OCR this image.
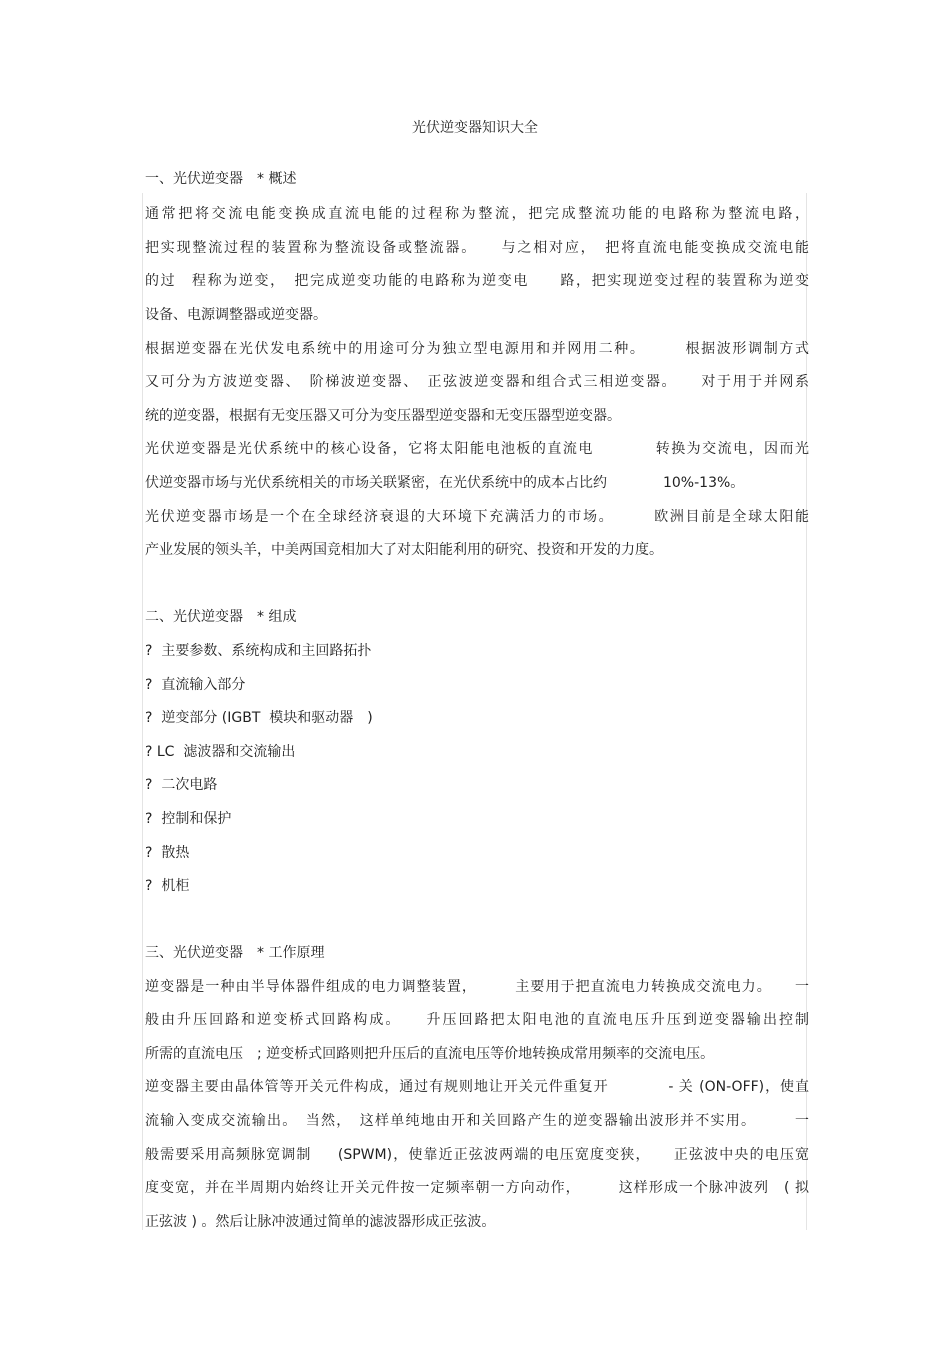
光伏逆变器知识大全
一、光伏逆变器　* 概述
通常把将交流电能变换成直流电能的过程称为整流，把完成整流功能的电路称为整流电路，
把实现整流过程的装置称为整流设备或整流器。　　与之相对应，　把将直流电能变换成交流电能
的过　程称为逆变，　把完成逆变功能的电路称为逆变电　　路，把实现逆变过程的装置称为逆变
设备、电源调整器或逆变器。
根据逆变器在光伏发电系统中的用途可分为独立型电源用和并网用二种。　　　根据波形调制方式
又可分为方波逆变器、　阶梯波逆变器、　正弦波逆变器和组合式三相逆变器。　　对于用于并网系
统的逆变器，根据有无变压器又可分为变压器型逆变器和无变压器型逆变器。
光伏逆变器是光伏系统中的核心设备，它将太阳能电池板的直流电　　　　转换为交流电，因而光
伏逆变器市场与光伏系统相关的市场关联紧密，在光伏系统中的成本占比约　　　　10%-13%。
光伏逆变器市场是一个在全球经济衰退的大环境下充满活力的市场。　　　欧洲目前是全球太阳能
产业发展的领头羊，中美两国竞相加大了对太阳能利用的研究、投资和开发的力度。
二、光伏逆变器　* 组成
?  主要参数、系统构成和主回路拓扑
?  直流输入部分
?  逆变部分 (IGBT  模块和驱动器　)
? LC  滤波器和交流输出
?  二次电路
?  控制和保护
?  散热
?  机柜
三、光伏逆变器　* 工作原理
逆变器是一种由半导体器件组成的电力调整装置，　　　主要用于把直流电力转换成交流电力。　　一
般由升压回路和逆变桥式回路构成。　　升压回路把太阳电池的直流电压升压到逆变器输出控制
所需的直流电压　; 逆变桥式回路则把升压后的直流电压等价地转换成常用频率的交流电压。
逆变器主要由晶体管等开关元件构成，通过有规则地让开关元件重复开　　　　- 关 (ON-OFF)，使直
流输入变成交流输出。　当然，　这样单纯地由开和关回路产生的逆变器输出波形并不实用。　　　一
般需要采用高频脉宽调制　  (SPWM)，使靠近正弦波两端的电压宽度变狭，　　正弦波中央的电压宽
度变宽，并在半周期内始终让开关元件按一定频率朝一方向动作，　　　这样形成一个脉冲波列　( 拟
正弦波 ) 。然后让脉冲波通过简单的滤波器形成正弦波。
